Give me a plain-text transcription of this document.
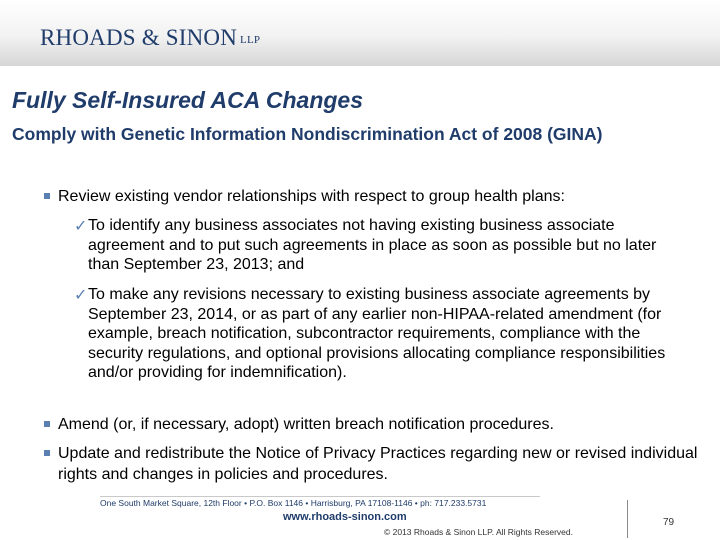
RHOADS & SINON LLP
Fully Self-Insured ACA Changes

Comply with Genetic Information Nondiscrimination Act of 2008 (GINA)

Review existing vendor relationships with respect to group health plans:
✓ To identify any business associates not having existing business associate agreement and to put such agreements in place as soon as possible but no later than September 23, 2013; and
✓ To make any revisions necessary to existing business associate agreements by September 23, 2014, or as part of any earlier non-HIPAA-related amendment (for example, breach notification, subcontractor requirements, compliance with the security regulations, and optional provisions allocating compliance responsibilities and/or providing for indemnification).
Amend (or, if necessary, adopt) written breach notification procedures.
Update and redistribute the Notice of Privacy Practices regarding new or revised individual rights and changes in policies and procedures.
One South Market Square, 12th Floor • P.O. Box 1146 • Harrisburg, PA 17108-1146 • ph: 717.233.5731
www.rhoads-sinon.com
© 2013 Rhoads & Sinon LLP. All Rights Reserved.
79
